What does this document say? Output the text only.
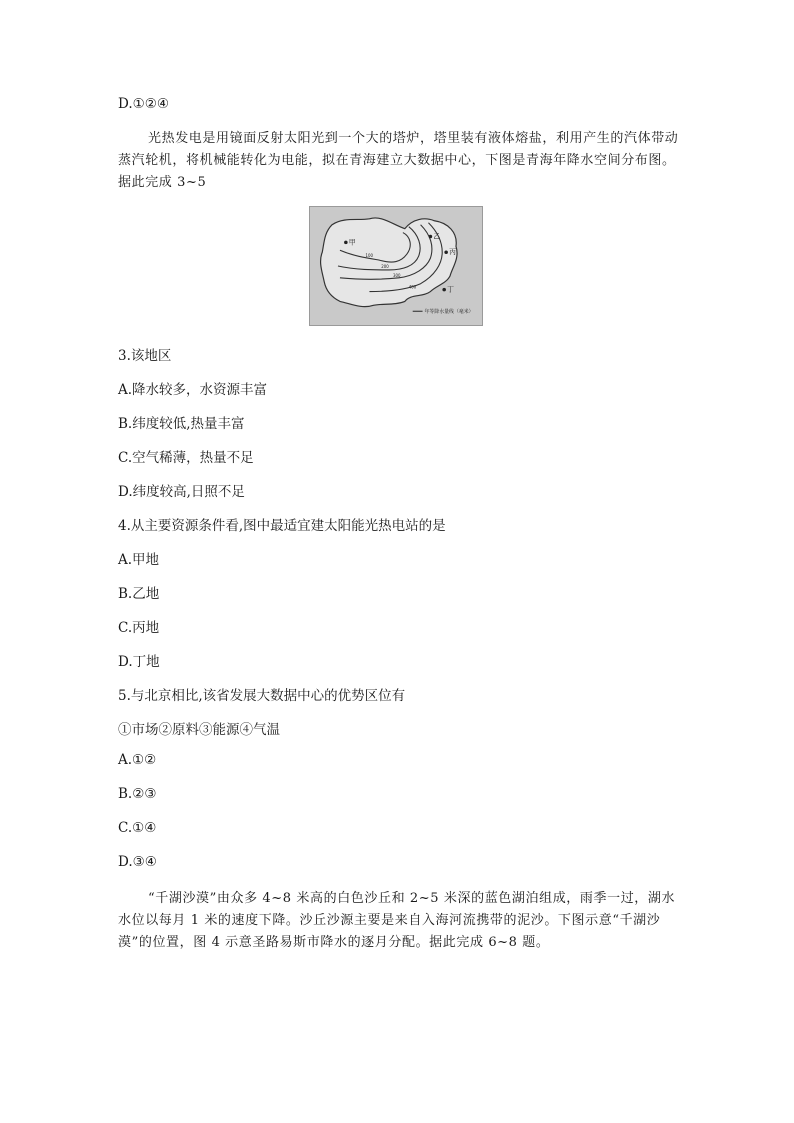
D.①②④
光热发电是用镜面反射太阳光到一个大的塔炉，塔里装有液体熔盐，利用产生的汽体带动蒸汽轮机，将机械能转化为电能，拟在青海建立大数据中心，下图是青海年降水空间分布图。据此完成 3~5
甲
乙
丙
丁
100
200
300
400
年等降水量线（毫米）
3.该地区
A.降水较多，水资源丰富
B.纬度较低,热量丰富
C.空气稀薄，热量不足
D.纬度较高,日照不足
4.从主要资源条件看,图中最适宜建太阳能光热电站的是
A.甲地
B.乙地
C.丙地
D.丁地
5.与北京相比,该省发展大数据中心的优势区位有
①市场②原料③能源④气温
A.①②
B.②③
C.①④
D.③④
“千湖沙漠”由众多 4~8 米高的白色沙丘和 2~5 米深的蓝色湖泊组成，雨季一过，湖水水位以每月 1 米的速度下降。沙丘沙源主要是来自入海河流携带的泥沙。下图示意“千湖沙漠”的位置，图 4 示意圣路易斯市降水的逐月分配。据此完成 6~8 题。
